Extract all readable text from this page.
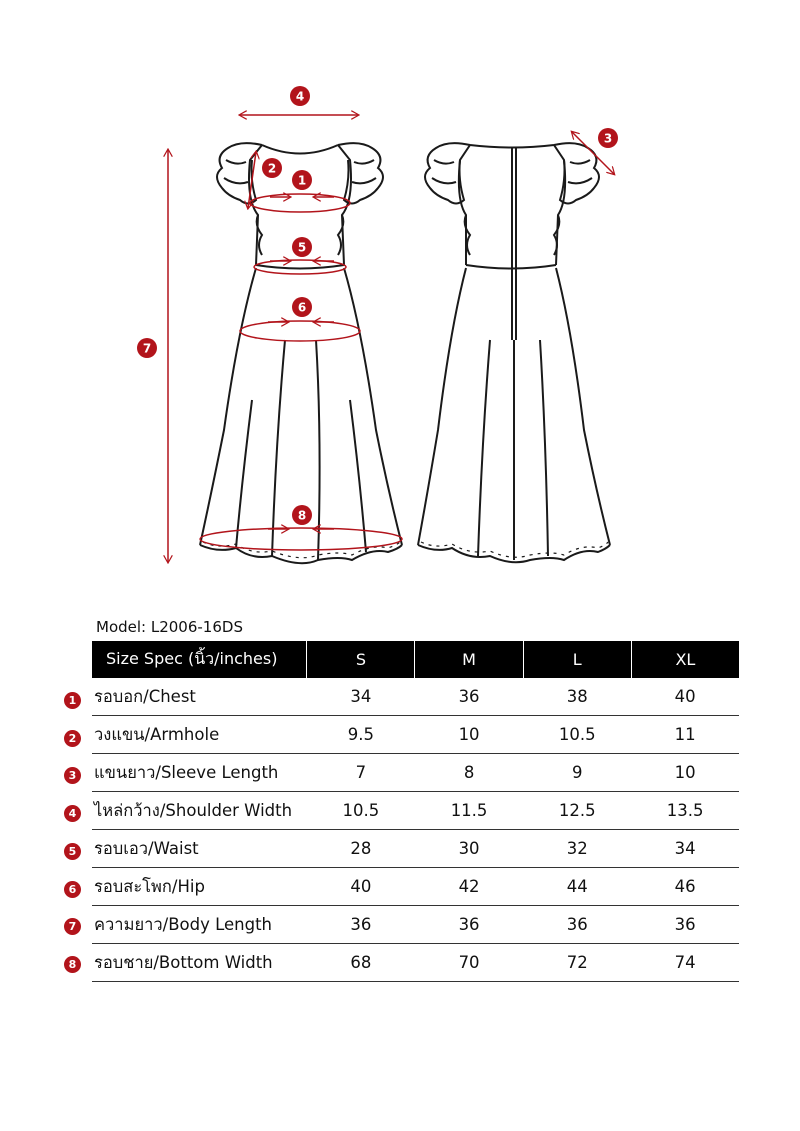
4
3
2
1
5
6
7
8
Model: L2006-16DS
Size Spec (นิ้ว/inches)	S	M	L	XL
รอบอก/Chest	34	36	38	40
วงแขน/Armhole	9.5	10	10.5	11
แขนยาว/Sleeve Length	7	8	9	10
ไหล่กว้าง/Shoulder Width	10.5	11.5	12.5	13.5
รอบเอว/Waist	28	30	32	34
รอบสะโพก/Hip	40	42	44	46
ความยาว/Body Length	36	36	36	36
รอบชาย/Bottom Width	68	70	72	74
1
2
3
4
5
6
7
8
